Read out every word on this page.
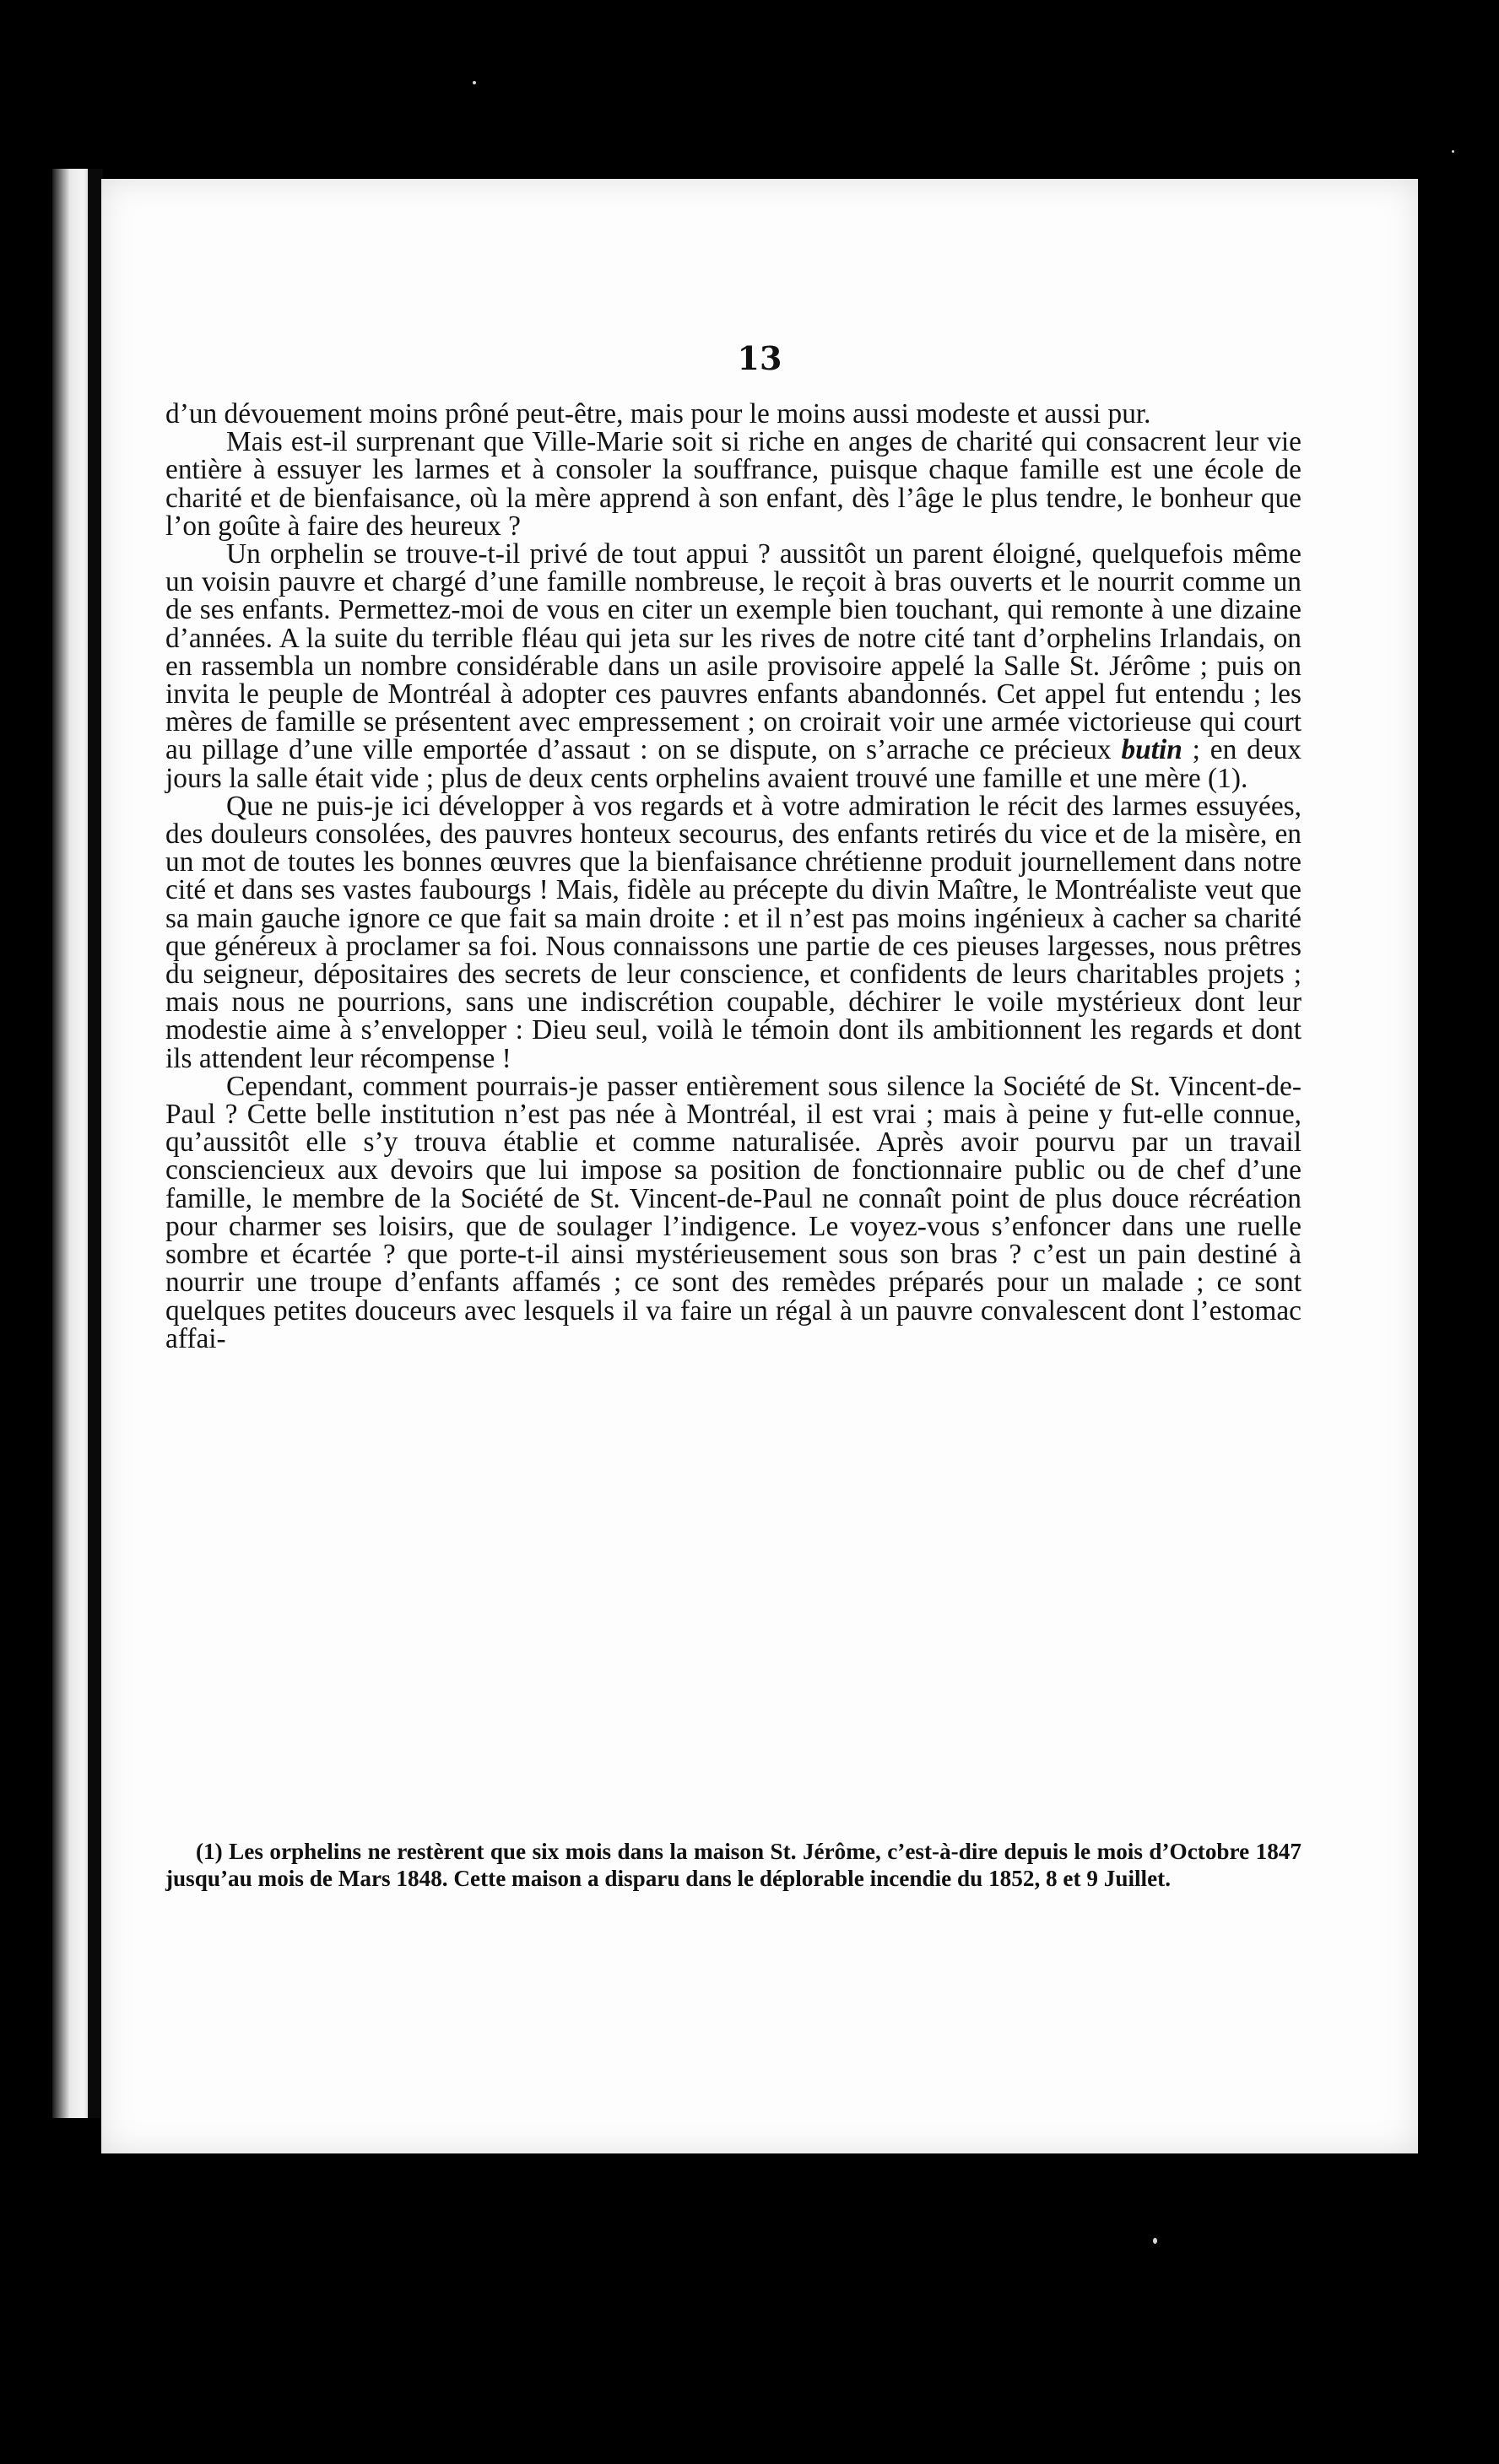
13

d’un dévouement moins prôné peut-être, mais pour le moins aussi modeste et aussi pur.

Mais est-il surprenant que Ville-Marie soit si riche en anges de charité qui consacrent leur vie entière à essuyer les larmes et à consoler la souffrance, puisque chaque famille est une école de charité et de bienfaisance, où la mère apprend à son enfant, dès l’âge le plus tendre, le bonheur que l’on goûte à faire des heureux ?

Un orphelin se trouve-t-il privé de tout appui ? aussitôt un parent éloigné, quelquefois même un voisin pauvre et chargé d’une famille nombreuse, le reçoit à bras ouverts et le nourrit comme un de ses enfants. Permettez-moi de vous en citer un exemple bien touchant, qui remonte à une dizaine d’années. A la suite du terrible fléau qui jeta sur les rives de notre cité tant d’orphelins Irlandais, on en rassembla un nombre considérable dans un asile provisoire appelé la Salle St. Jérôme ; puis on invita le peuple de Montréal à adopter ces pauvres enfants abandonnés. Cet appel fut entendu ; les mères de famille se présentent avec empressement ; on croirait voir une armée victorieuse qui court au pillage d’une ville emportée d’assaut : on se dispute, on s’arrache ce précieux butin ; en deux jours la salle était vide ; plus de deux cents orphelins avaient trouvé une famille et une mère (1).

Que ne puis-je ici développer à vos regards et à votre admiration le récit des larmes essuyées, des douleurs consolées, des pauvres honteux secourus, des enfants retirés du vice et de la misère, en un mot de toutes les bonnes œuvres que la bienfaisance chrétienne produit journellement dans notre cité et dans ses vastes faubourgs ! Mais, fidèle au précepte du divin Maître, le Montréaliste veut que sa main gauche ignore ce que fait sa main droite : et il n’est pas moins ingénieux à cacher sa charité que généreux à proclamer sa foi. Nous connaissons une partie de ces pieuses largesses, nous prêtres du seigneur, dépositaires des secrets de leur conscience, et confidents de leurs charitables projets ; mais nous ne pourrions, sans une indiscrétion coupable, déchirer le voile mystérieux dont leur modestie aime à s’envelopper : Dieu seul, voilà le témoin dont ils ambitionnent les regards et dont ils attendent leur récompense !

Cependant, comment pourrais-je passer entièrement sous silence la Société de St. Vincent-de-Paul ? Cette belle institution n’est pas née à Montréal, il est vrai ; mais à peine y fut-elle connue, qu’aussitôt elle s’y trouva établie et comme naturalisée. Après avoir pourvu par un travail consciencieux aux devoirs que lui impose sa position de fonctionnaire public ou de chef d’une famille, le membre de la Société de St. Vincent-de-Paul ne connaît point de plus douce récréation pour charmer ses loisirs, que de soulager l’indigence. Le voyez-vous s’enfoncer dans une ruelle sombre et écartée ? que porte-t-il ainsi mystérieusement sous son bras ? c’est un pain destiné à nourrir une troupe d’enfants affamés ; ce sont des remèdes préparés pour un malade ; ce sont quelques petites douceurs avec lesquels il va faire un régal à un pauvre convalescent dont l’estomac affai-

(1) Les orphelins ne restèrent que six mois dans la maison St. Jérôme, c’est-à-dire depuis le mois d’Octobre 1847 jusqu’au mois de Mars 1848. Cette maison a disparu dans le déplorable incendie du 1852, 8 et 9 Juillet.
